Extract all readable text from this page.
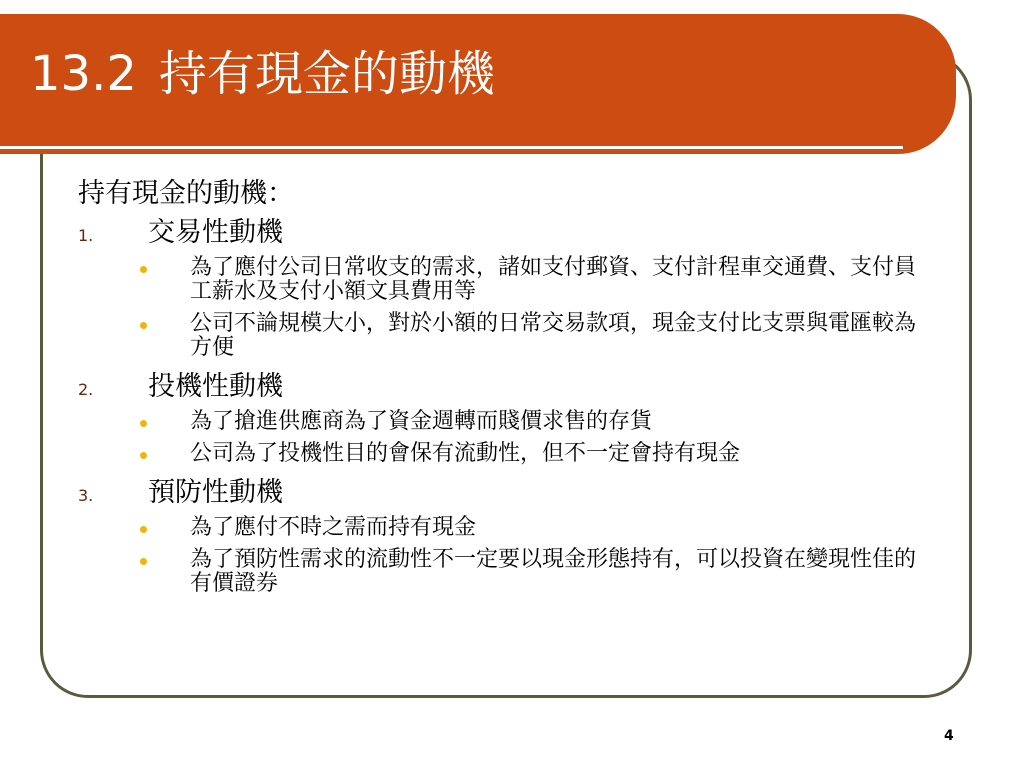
13.2 持有現金的動機

持有現金的動機：

1.	交易性動機
為了應付公司日常收支的需求，諸如支付郵資、支付計程車交通費、支付員工薪水及支付小額文具費用等
公司不論規模大小，對於小額的日常交易款項，現金支付比支票與電匯較為方便
2.	投機性動機
為了搶進供應商為了資金週轉而賤價求售的存貨
公司為了投機性目的會保有流動性，但不一定會持有現金
3.	預防性動機
為了應付不時之需而持有現金
為了預防性需求的流動性不一定要以現金形態持有，可以投資在變現性佳的有價證券
4
